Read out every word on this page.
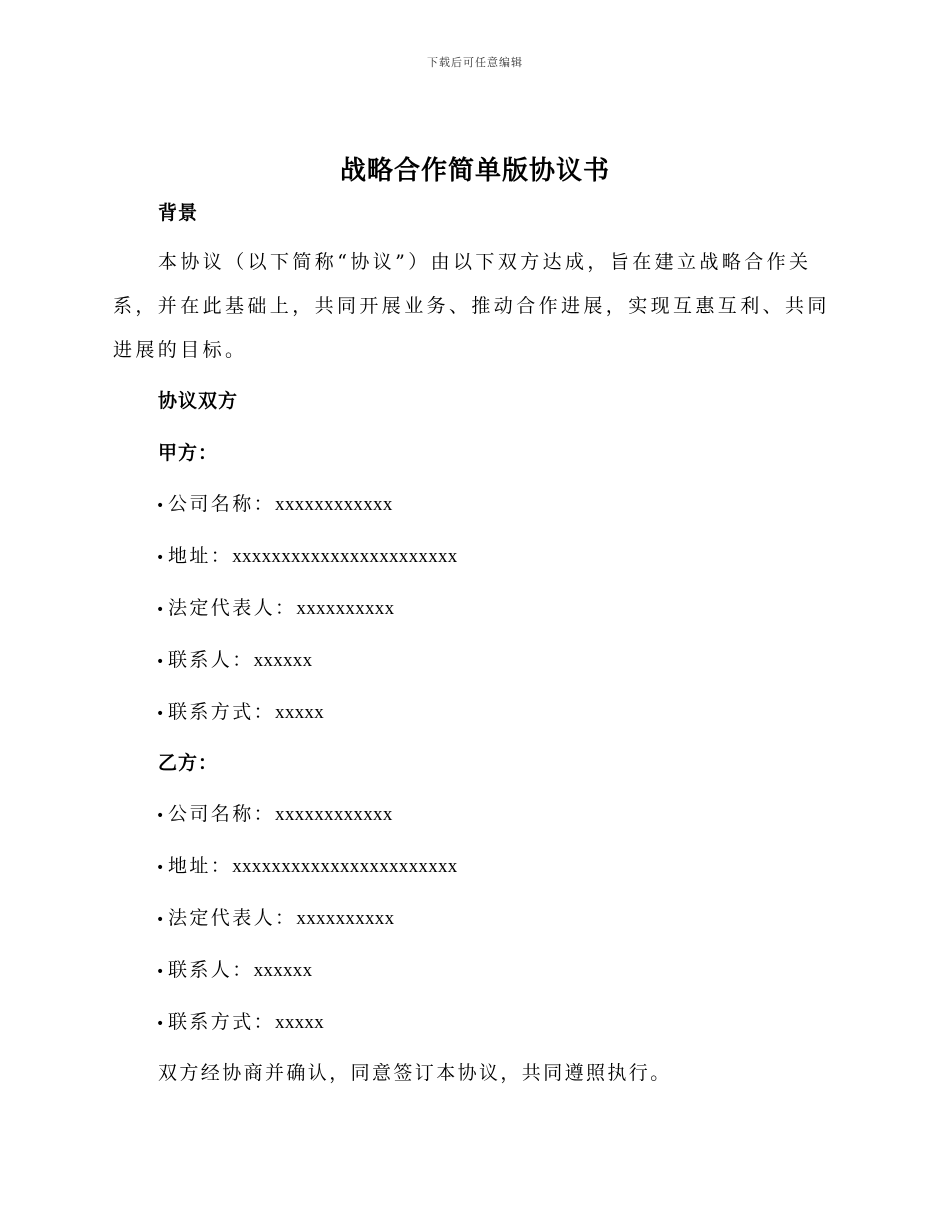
下载后可任意编辑
战略合作简单版协议书
背景

本协议（以下简称“协议”）由以下双方达成，旨在建立战略合作关系，并在此基础上，共同开展业务、推动合作进展，实现互惠互利、共同进展的目标。

协议双方
甲方：

• 公司名称：xxxxxxxxxxxx

• 地址：xxxxxxxxxxxxxxxxxxxxxxx

• 法定代表人：xxxxxxxxxx

• 联系人：xxxxxx

• 联系方式：xxxxx

乙方：

• 公司名称：xxxxxxxxxxxx

• 地址：xxxxxxxxxxxxxxxxxxxxxxx

• 法定代表人：xxxxxxxxxx

• 联系人：xxxxxx

• 联系方式：xxxxx

双方经协商并确认，同意签订本协议，共同遵照执行。
